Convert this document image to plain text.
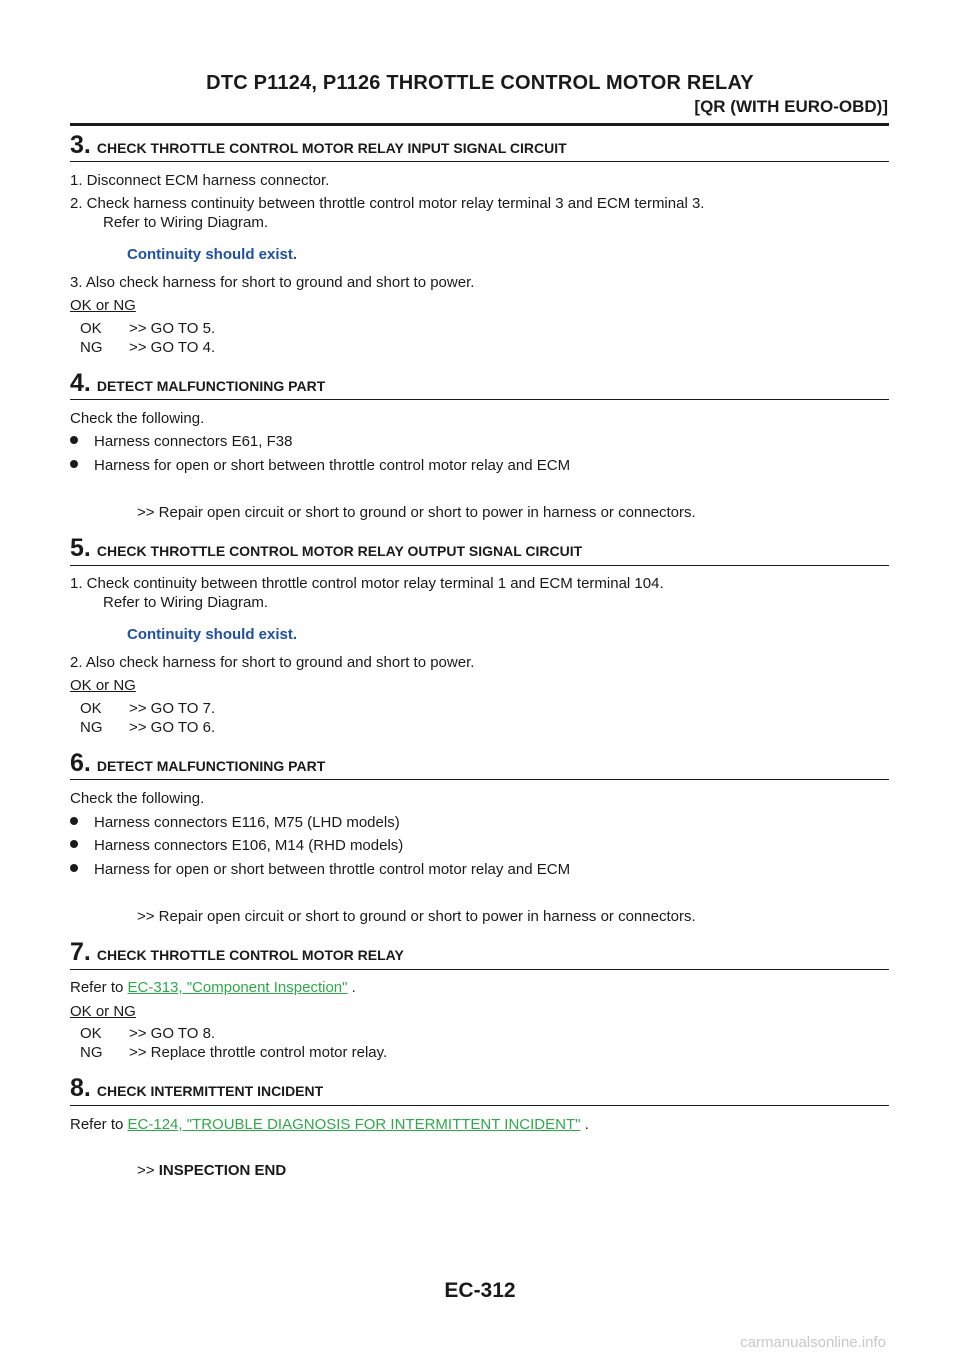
DTC P1124, P1126 THROTTLE CONTROL MOTOR RELAY
[QR (WITH EURO-OBD)]
3. CHECK THROTTLE CONTROL MOTOR RELAY INPUT SIGNAL CIRCUIT
1. Disconnect ECM harness connector.
2. Check harness continuity between throttle control motor relay terminal 3 and ECM terminal 3.
Refer to Wiring Diagram.
Continuity should exist.
3. Also check harness for short to ground and short to power.
OK or NG
OK >> GO TO 5.
NG >> GO TO 4.
4. DETECT MALFUNCTIONING PART
Check the following.
Harness connectors E61, F38
Harness for open or short between throttle control motor relay and ECM
>> Repair open circuit or short to ground or short to power in harness or connectors.
5. CHECK THROTTLE CONTROL MOTOR RELAY OUTPUT SIGNAL CIRCUIT
1. Check continuity between throttle control motor relay terminal 1 and ECM terminal 104.
Refer to Wiring Diagram.
Continuity should exist.
2. Also check harness for short to ground and short to power.
OK or NG
OK >> GO TO 7.
NG >> GO TO 6.
6. DETECT MALFUNCTIONING PART
Check the following.
Harness connectors E116, M75 (LHD models)
Harness connectors E106, M14 (RHD models)
Harness for open or short between throttle control motor relay and ECM
>> Repair open circuit or short to ground or short to power in harness or connectors.
7. CHECK THROTTLE CONTROL MOTOR RELAY
Refer to EC-313, "Component Inspection" .
OK or NG
OK >> GO TO 8.
NG >> Replace throttle control motor relay.
8. CHECK INTERMITTENT INCIDENT
Refer to EC-124, "TROUBLE DIAGNOSIS FOR INTERMITTENT INCIDENT" .
>> INSPECTION END
EC-312
carmanualsonline.info
